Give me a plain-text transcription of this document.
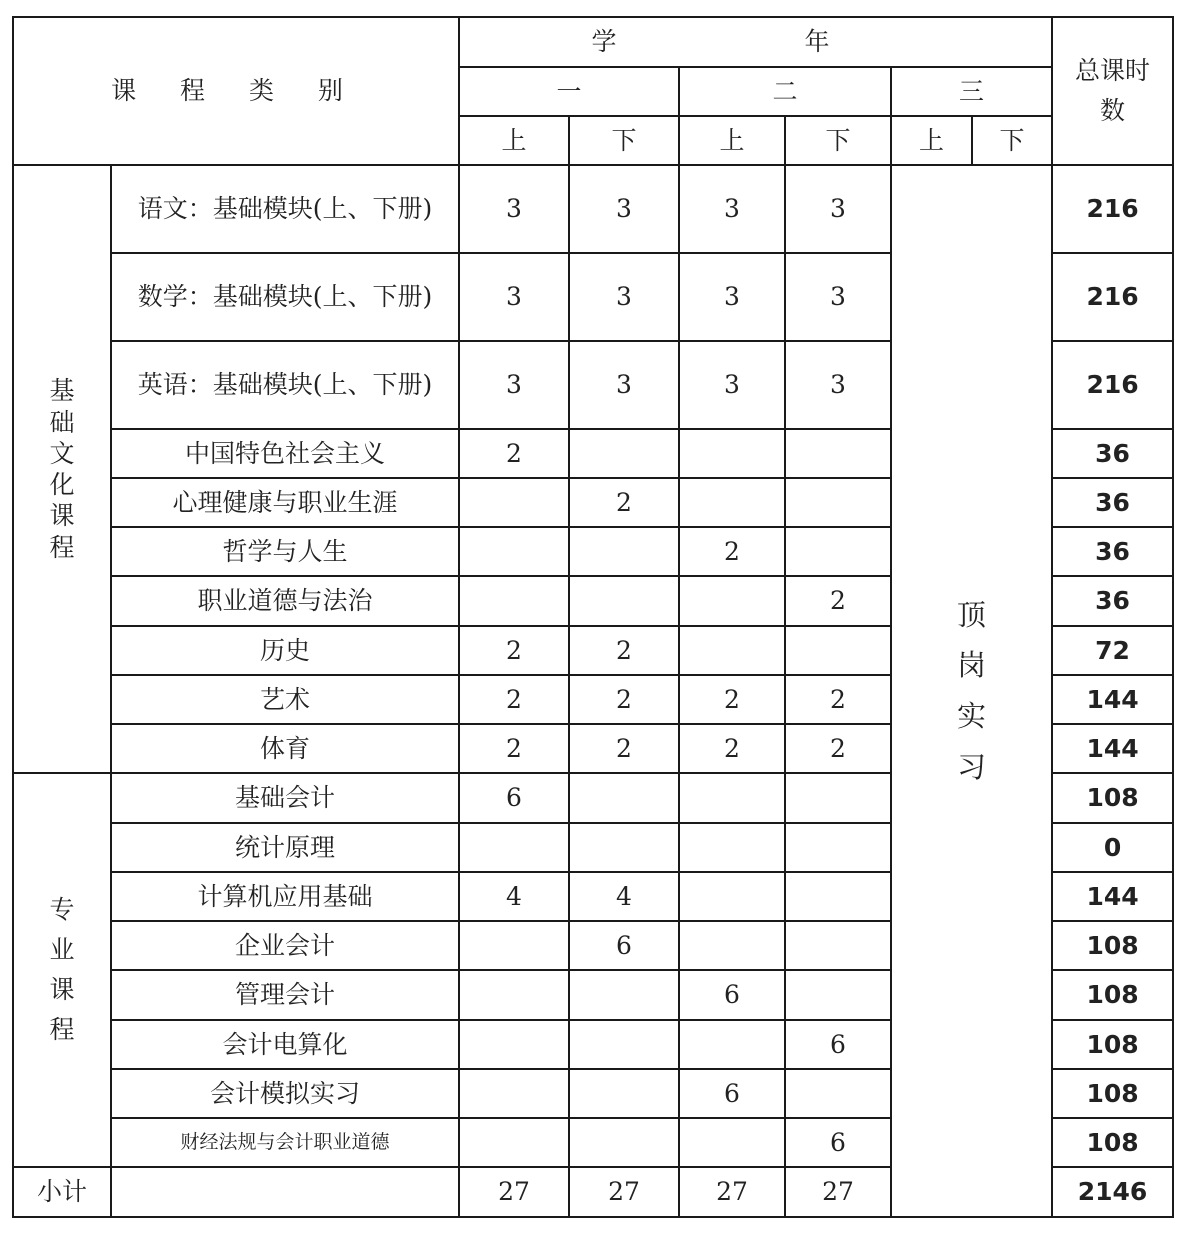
课 程 类 别		学 年						总课时数
		一		二		三		
		上	下	上	下	上	下	
基础文化课程	语文：基础模块(上、下册)	3	3	3	3	顶岗实习		216
	数学：基础模块(上、下册)	3	3	3	3			216
	英语：基础模块(上、下册)	3	3	3	3			216
	中国特色社会主义	2						36
	心理健康与职业生涯		2					36
	哲学与人生			2				36
	职业道德与法治				2			36
	历史	2	2					72
	艺术	2	2	2	2			144
	体育	2	2	2	2			144
专业课程	基础会计	6						108
	统计原理							0
	计算机应用基础	4	4					144
	企业会计		6					108
	管理会计			6				108
	会计电算化				6			108
	会计模拟实习			6				108
	财经法规与会计职业道德				6			108
小计		27	27	27	27			2146
